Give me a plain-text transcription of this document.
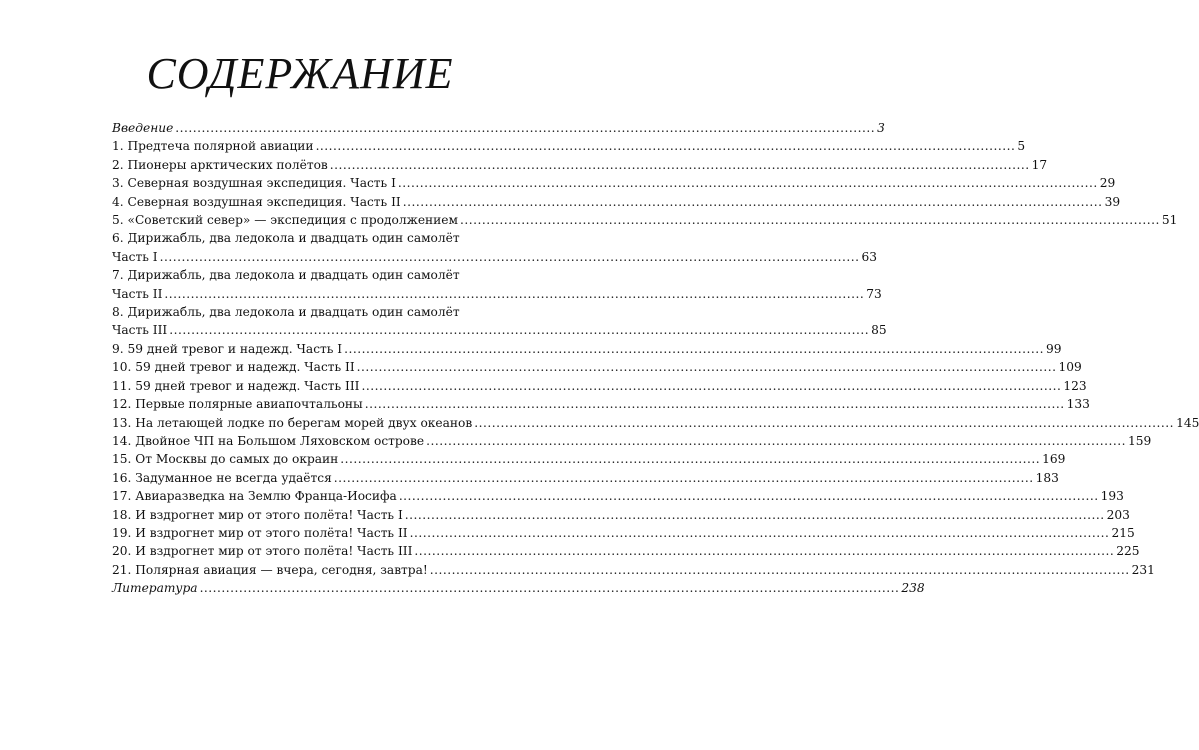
СОДЕРЖАНИЕ
Введение .....	3
1. Предтеча полярной авиации .....	5
2. Пионеры арктических полётов .....	17
3. Северная воздушная экспедиция. Часть I .....	29
4. Северная воздушная экспедиция. Часть II .....	39
5. «Советский север» — экспедиция с продолжением .....	51
6. Дирижабль, два ледокола и двадцать один самолёт
Часть I .....	63
7. Дирижабль, два ледокола и двадцать один самолёт
Часть II .....	73
8. Дирижабль, два ледокола и двадцать один самолёт
Часть III .....	85
9. 59 дней тревог и надежд. Часть I .....	99
10. 59 дней тревог и надежд. Часть II .....	109
11. 59 дней тревог и надежд. Часть III .....	123
12. Первые полярные авиапочтальоны .....	133
13. На летающей лодке по берегам морей двух океанов .....	145
14. Двойное ЧП на Большом Ляховском острове .....	159
15. От Москвы до самых до окраин .....	169
16. Задуманное не всегда удаётся .....	183
17. Авиаразведка на Землю Франца-Иосифа .....	193
18. И вздрогнет мир от этого полёта! Часть I .....	203
19. И вздрогнет мир от этого полёта! Часть II .....	215
20. И вздрогнет мир от этого полёта! Часть III .....	225
21. Полярная авиация — вчера, сегодня, завтра! .....	231
Литература .....	238
